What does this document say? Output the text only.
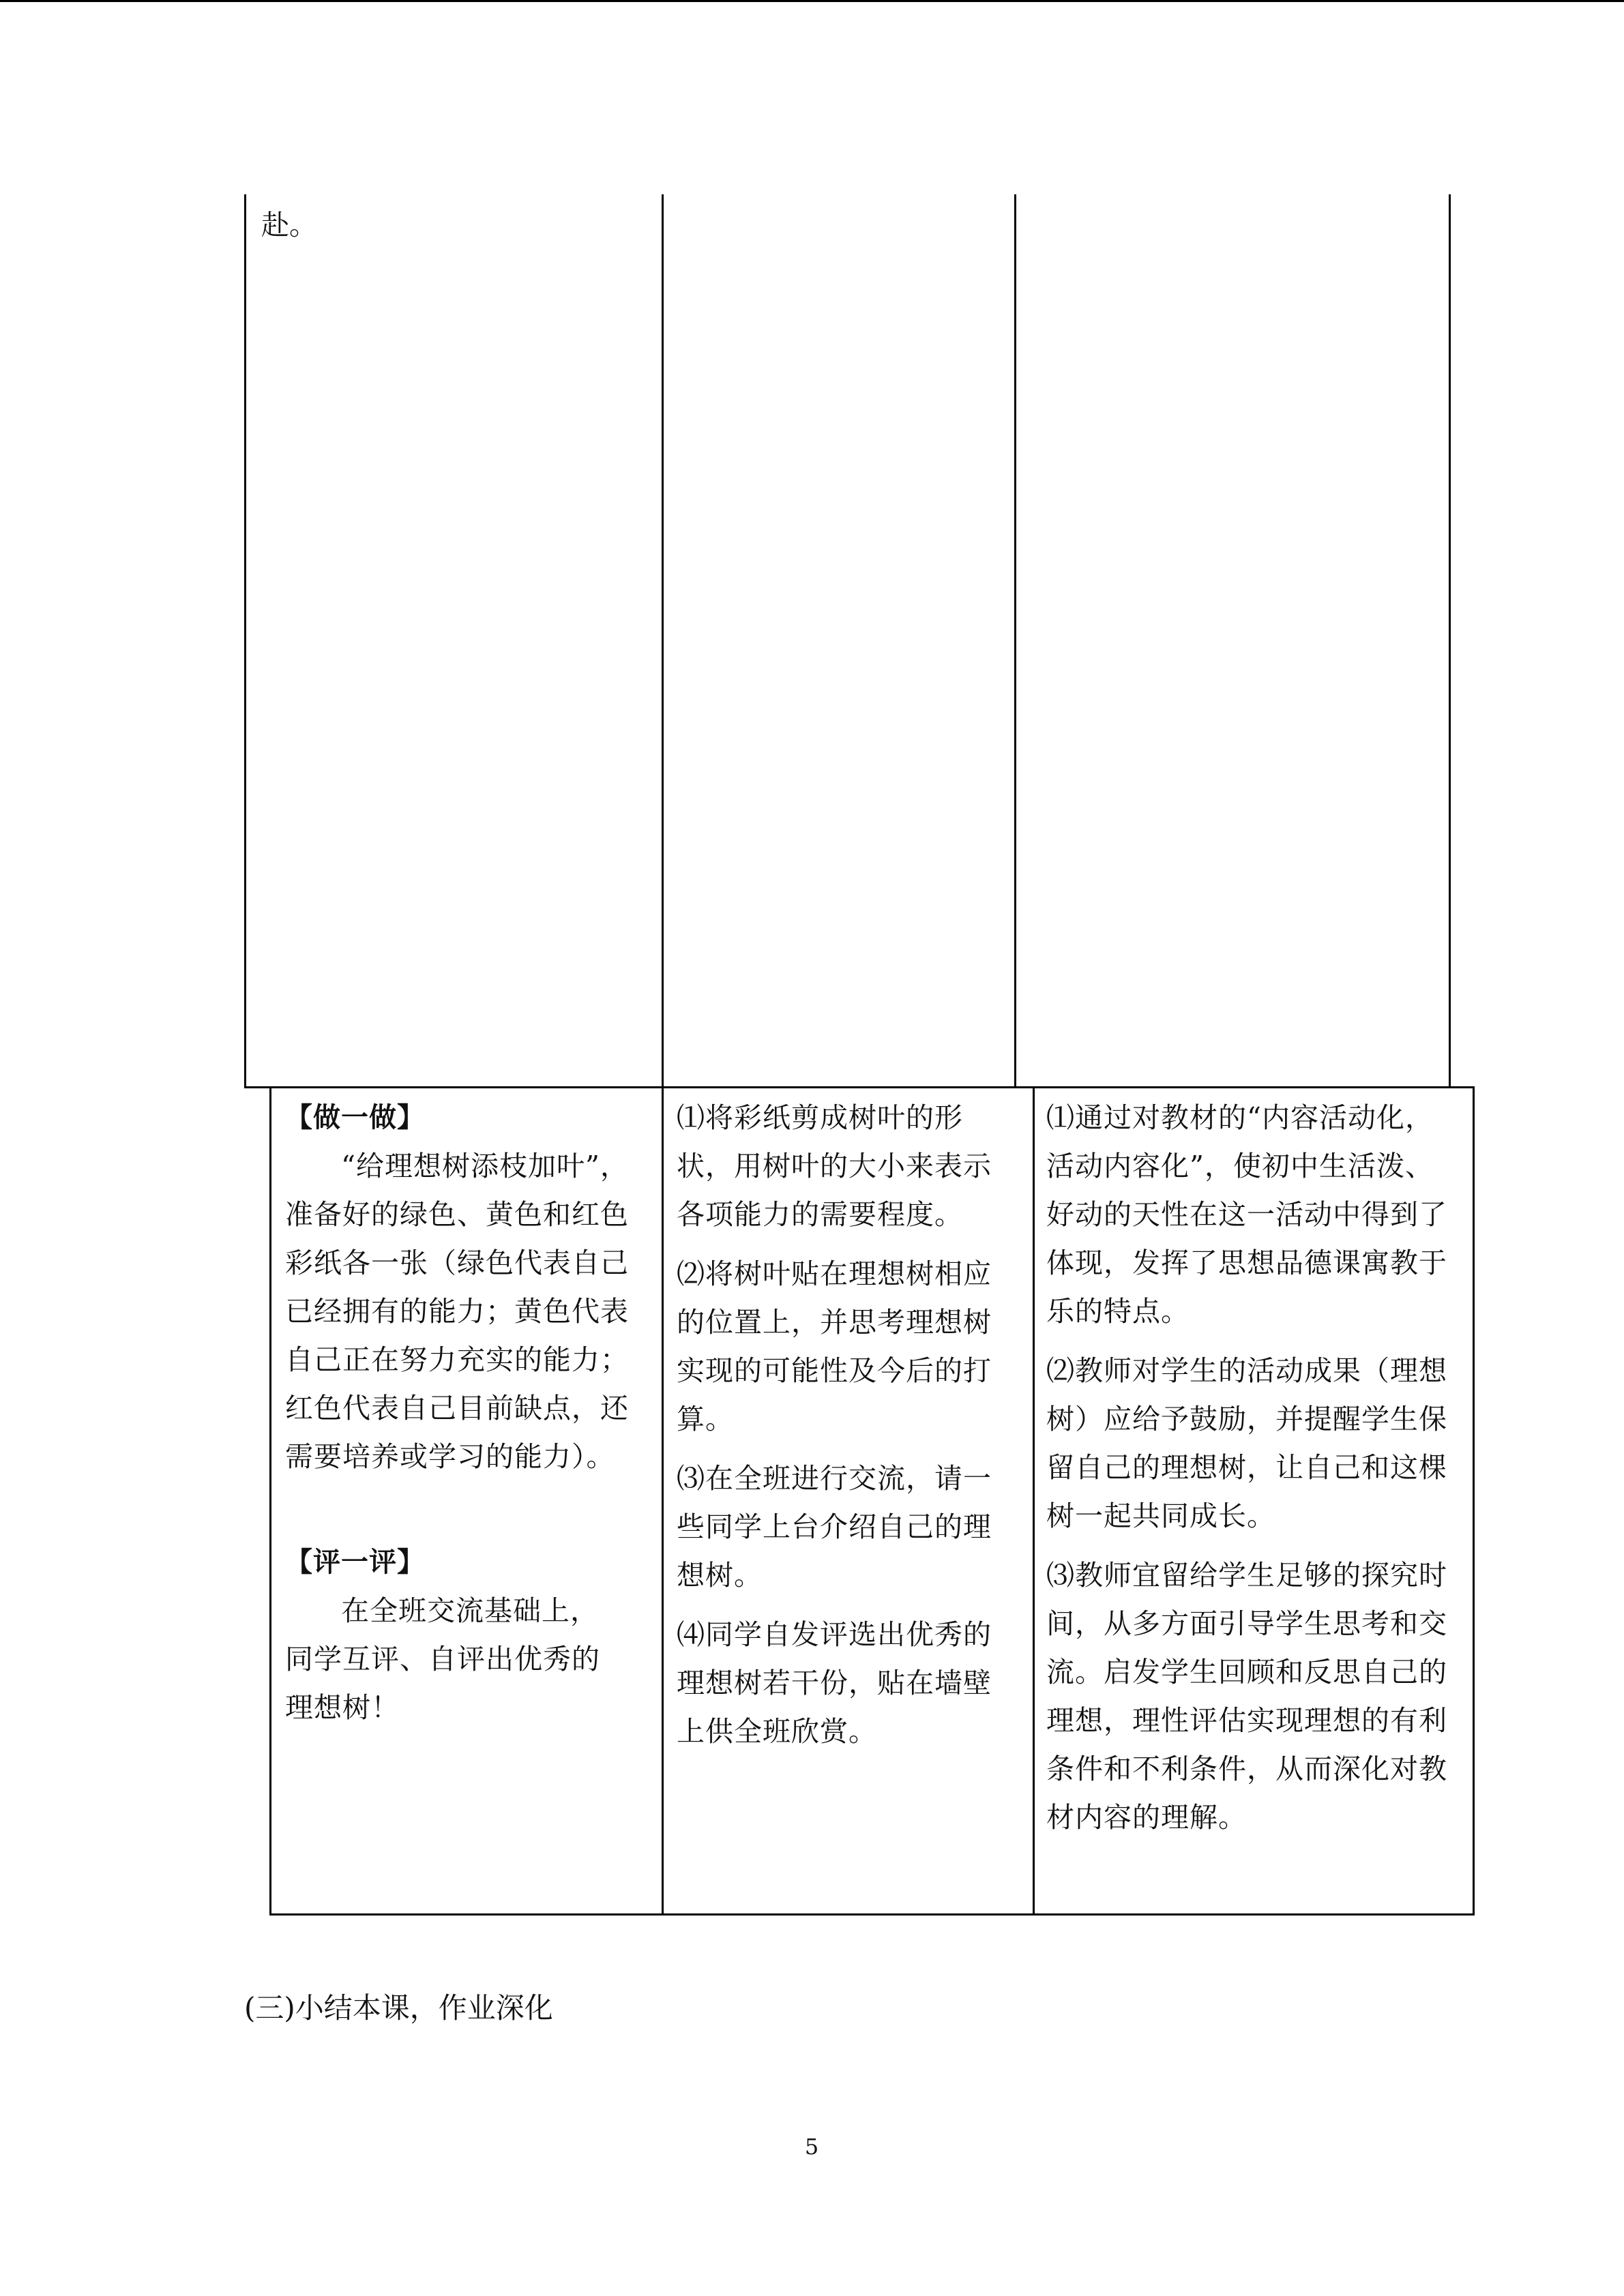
赴。

【做一做】

“给理想树添枝加叶”，准备好的绿色、黄色和红色彩纸各一张（绿色代表自己已经拥有的能力；黄色代表自己正在努力充实的能力；红色代表自己目前缺点，还需要培养或学习的能力）。

【评一评】

在全班交流基础上，同学互评、自评出优秀的理想树！

⑴将彩纸剪成树叶的形状，用树叶的大小来表示各项能力的需要程度。

⑵将树叶贴在理想树相应的位置上，并思考理想树实现的可能性及今后的打算。

⑶在全班进行交流，请一些同学上台介绍自己的理想树。

⑷同学自发评选出优秀的理想树若干份，贴在墙壁上供全班欣赏。

⑴通过对教材的“内容活动化，活动内容化”，使初中生活泼、好动的天性在这一活动中得到了体现，发挥了思想品德课寓教于乐的特点。

⑵教师对学生的活动成果（理想树）应给予鼓励，并提醒学生保留自己的理想树，让自己和这棵树一起共同成长。

⑶教师宜留给学生足够的探究时间，从多方面引导学生思考和交流。启发学生回顾和反思自己的理想，理性评估实现理想的有利条件和不利条件，从而深化对教材内容的理解。

(三)小结本课，作业深化
5
